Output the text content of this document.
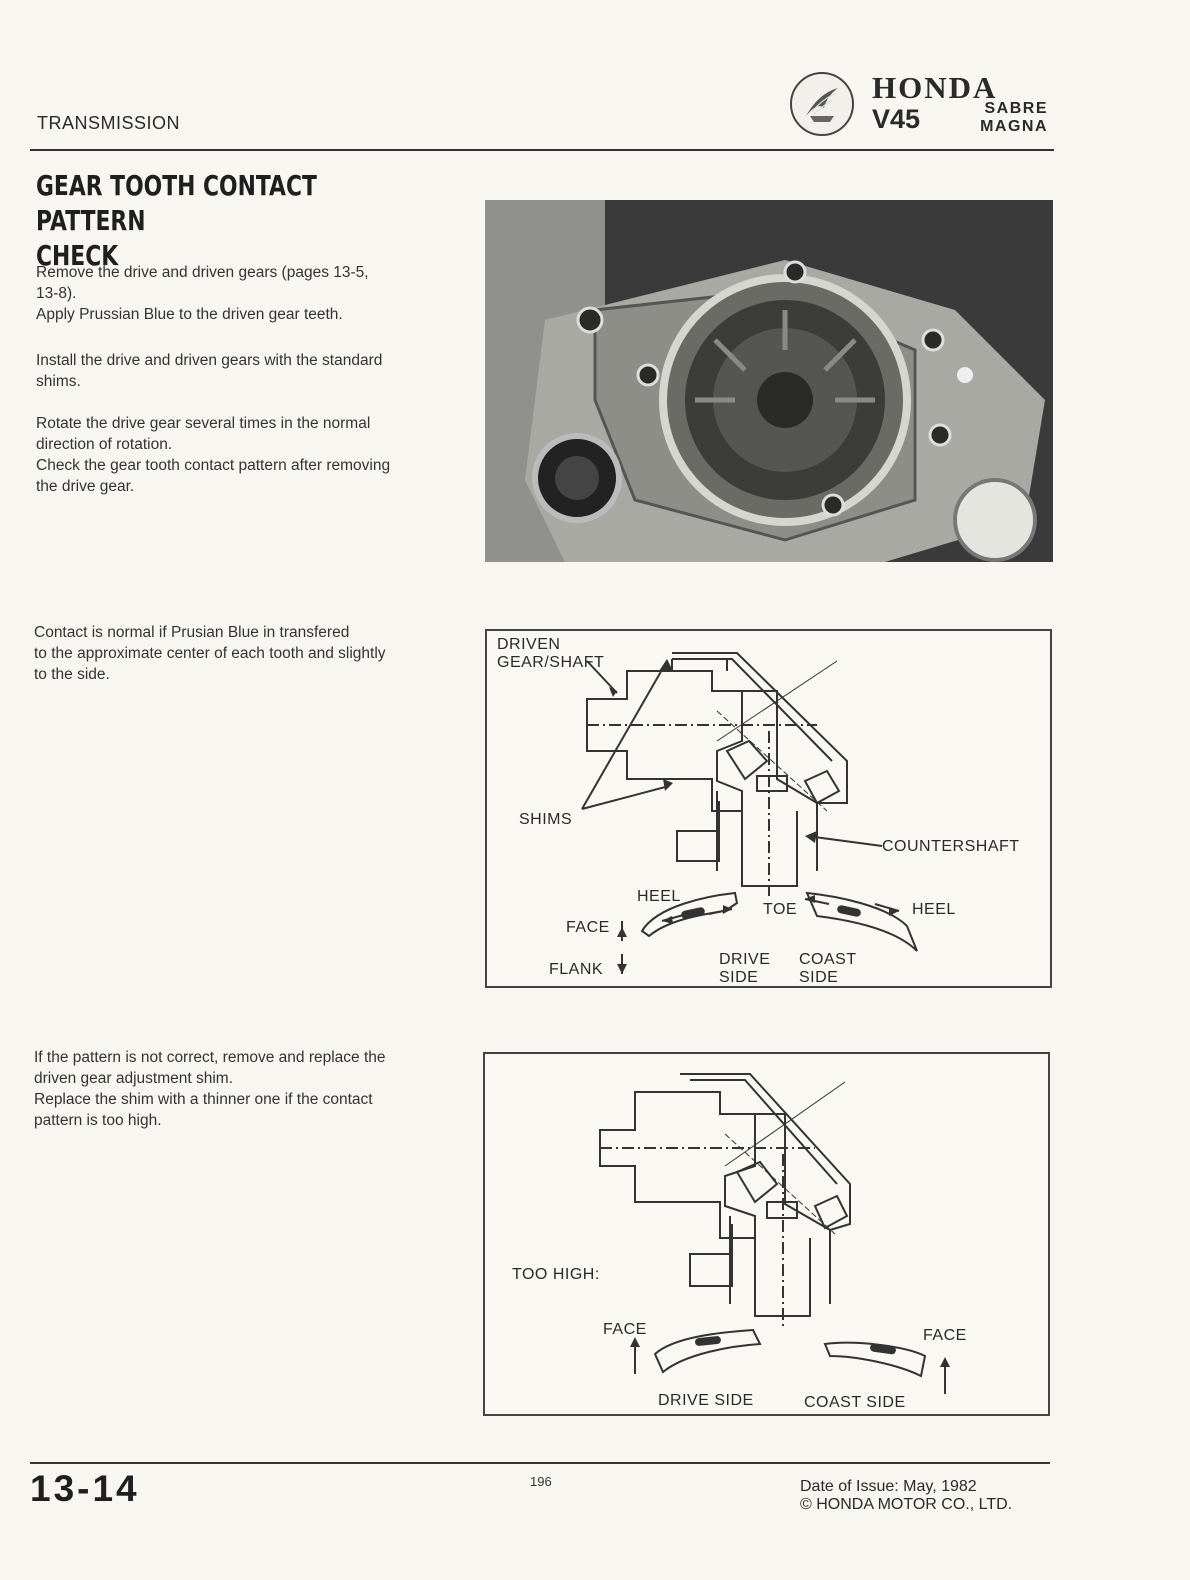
TRANSMISSION
HONDA
V45	SABRE
MAGNA
GEAR TOOTH CONTACT PATTERN
CHECK

Remove the drive and driven gears (pages 13-5,
13-8).
Apply Prussian Blue to the driven gear teeth.

Install the drive and driven gears with the standard
shims.

Rotate the drive gear several times in the normal
direction of rotation.
Check the gear tooth contact pattern after removing
the drive gear.

Contact is normal if Prusian Blue in transfered
to the approximate center of each tooth and slightly
to the side.

If the pattern is not correct, remove and replace the
driven gear adjustment shim.
Replace the shim with a thinner one if the contact
pattern is too high.

DRIVEN
GEAR/SHAFT
SHIMS
COUNTERSHAFT
HEEL
TOE	HEEL
FACE
FLANK
DRIVE
SIDE
COAST
SIDE
TOO HIGH:
FACE	FACE
DRIVE SIDE	COAST SIDE
13-14	196	Date of Issue: May, 1982
© HONDA MOTOR CO., LTD.
